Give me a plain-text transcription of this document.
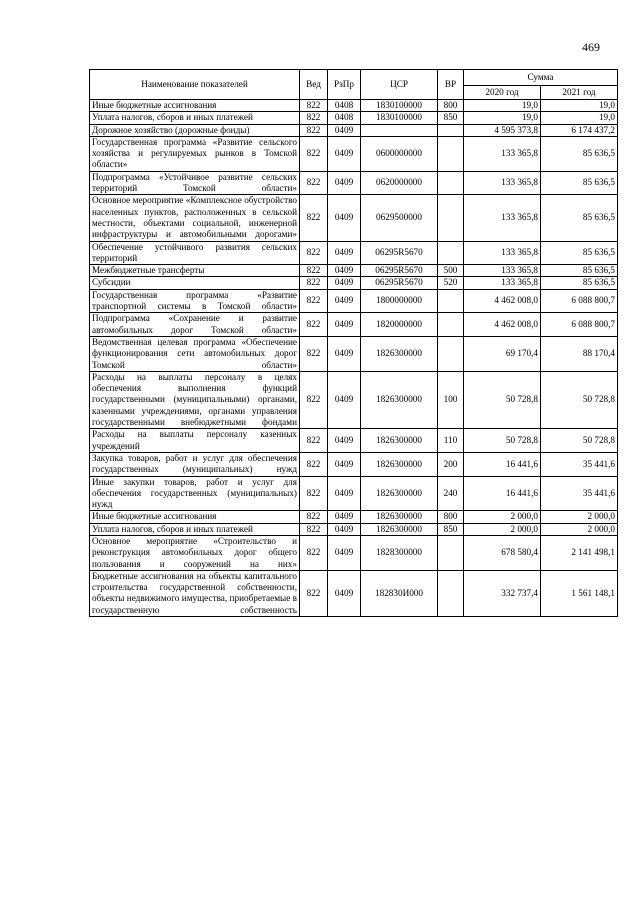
469
Наименование показателей	Вед	РзПр	ЦСР	ВР	Сумма	
					2020 год	2021 год
Иные бюджетные ассигнования	822	0408	1830100000	800	19,0	19,0
Уплата налогов, сборов и иных платежей	822	0408	1830100000	850	19,0	19,0
Дорожное хозяйство (дорожные фонды)	822	0409			4 595 373,8	6 174 437,2
Государственная программа «Развитие сельского хозяйства и регулируемых рынков в Томской области»	822	0409	0600000000		133 365,8	85 636,5
Подпрограмма «Устойчивое развитие сельских территорий Томской области»	822	0409	0620000000		133 365,8	85 636,5
Основное мероприятие «Комплексное обустройство населенных пунктов, расположенных в сельской местности, объектами социальной, инженерной инфраструктуры и автомобильными дорогами»	822	0409	0629500000		133 365,8	85 636,5
Обеспечение устойчивого развития сельских территорий	822	0409	06295R5670		133 365,8	85 636,5
Межбюджетные трансферты	822	0409	06295R5670	500	133 365,8	85 636,5
Субсидии	822	0409	06295R5670	520	133 365,8	85 636,5
Государственная программа «Развитие транспортной системы в Томской области»	822	0409	1800000000		4 462 008,0	6 088 800,7
Подпрограмма «Сохранение и развитие автомобильных дорог Томской области»	822	0409	1820000000		4 462 008,0	6 088 800,7
Ведомственная целевая программа «Обеспечение функционирования сети автомобильных дорог Томской области»	822	0409	1826300000		69 170,4	88 170,4
Расходы на выплаты персоналу в целях обеспечения выполнения функций государственными (муниципальными) органами, казенными учреждениями, органами управления государственными внебюджетными фондами	822	0409	1826300000	100	50 728,8	50 728,8
Расходы на выплаты персоналу казенных учреждений	822	0409	1826300000	110	50 728,8	50 728,8
Закупка товаров, работ и услуг для обеспечения государственных (муниципальных) нужд	822	0409	1826300000	200	16 441,6	35 441,6
Иные закупки товаров, работ и услуг для обеспечения государственных (муниципальных) нужд	822	0409	1826300000	240	16 441,6	35 441,6
Иные бюджетные ассигнования	822	0409	1826300000	800	2 000,0	2 000,0
Уплата налогов, сборов и иных платежей	822	0409	1826300000	850	2 000,0	2 000,0
Основное мероприятие «Строительство и реконструкция автомобильных дорог общего пользования и сооружений на них»	822	0409	1828300000		678 580,4	2 141 498,1
Бюджетные ассигнования на объекты капитального строительства государственной собственности, объекты недвижимого имущества, приобретаемые в государственную собственность	822	0409	182830И000		332 737,4	1 561 148,1
